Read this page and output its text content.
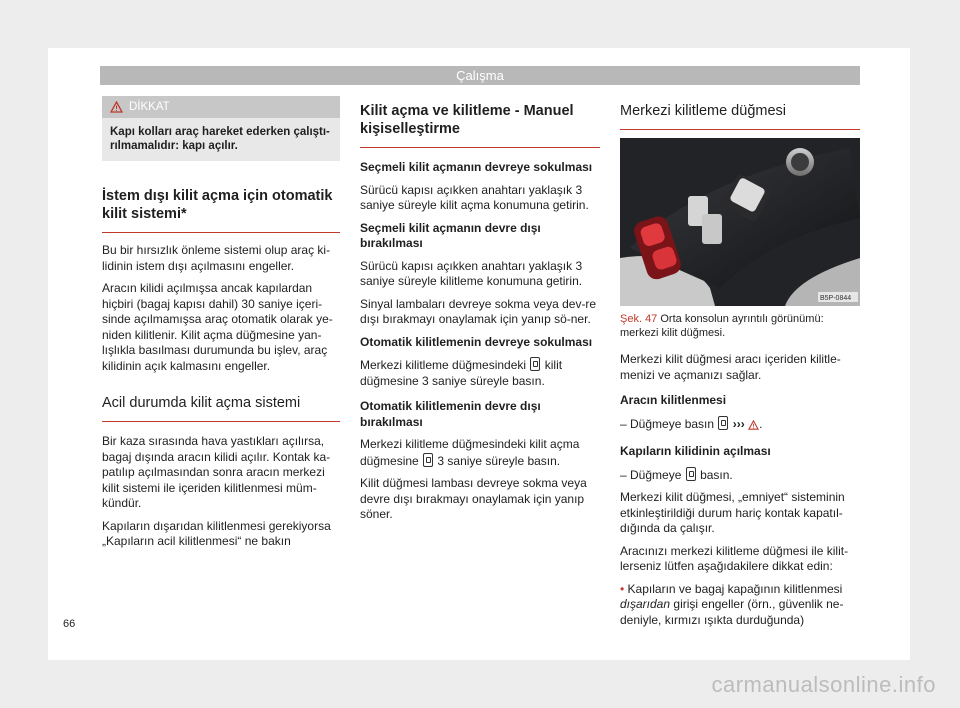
Çalışma
DİKKAT
Kapı kolları araç hareket ederken çalıştı-rılmamalıdır: kapı açılır.
İstem dışı kilit açma için otomatik kilit sistemi*

Bu bir hırsızlık önleme sistemi olup araç ki-lidinin istem dışı açılmasını engeller.

Aracın kilidi açılmışsa ancak kapılardan hiçbiri (bagaj kapısı dahil) 30 saniye içeri-sinde açılmamışsa araç otomatik olarak ye-niden kilitlenir. Kilit açma düğmesine yan-lışlıkla basılması durumunda bu işlev, araç kilidinin açık kalmasını engeller.

Acil durumda kilit açma sistemi

Bir kaza sırasında hava yastıkları açılırsa, bagaj dışında aracın kilidi açılır. Kontak ka-patılıp açılmasından sonra aracın merkezi kilit sistemi ile içeriden kilitlenmesi müm-kündür.

Kapıların dışarıdan kilitlenmesi gerekiyorsa „Kapıların acil kilitlenmesi“ ne bakın

Kilit açma ve kilitleme - Manuel kişiselleştirme

Seçmeli kilit açmanın devreye sokulması

Sürücü kapısı açıkken anahtarı yaklaşık 3 saniye süreyle kilit açma konumuna getirin.

Seçmeli kilit açmanın devre dışı bırakılması

Sürücü kapısı açıkken anahtarı yaklaşık 3 saniye süreyle kilitleme konumuna getirin.

Sinyal lambaları devreye sokma veya dev-re dışı bırakmayı onaylamak için yanıp sö-ner.

Otomatik kilitlemenin devreye sokulması

Merkezi kilitleme düğmesindeki kilit düğmesine 3 saniye süreyle basın.

Otomatik kilitlemenin devre dışı bırakılması

Merkezi kilitleme düğmesindeki kilit açma düğmesine 3 saniye süreyle basın.

Kilit düğmesi lambası devreye sokma veya devre dışı bırakmayı onaylamak için yanıp söner.

Merkezi kilitleme düğmesi
B5P-0844
Şek. 47 Orta konsolun ayrıntılı görünümü: merkezi kilit düğmesi.

Merkezi kilit düğmesi aracı içeriden kilitle-menizi ve açmanızı sağlar.

Aracın kilitlenmesi

– Düğmeye basın ››› .

Kapıların kilidinin açılması

– Düğmeye basın.

Merkezi kilit düğmesi, „emniyet“ sisteminin etkinleştirildiği durum hariç kontak kapatıl-dığında da çalışır.

Aracınızı merkezi kilitleme düğmesi ile kilit-lerseniz lütfen aşağıdakilere dikkat edin:

• Kapıların ve bagaj kapağının kilitlenmesi dışarıdan girişi engeller (örn., güvenlik ne-deniyle, kırmızı ışıkta durduğunda)

66
carmanualsonline.info
